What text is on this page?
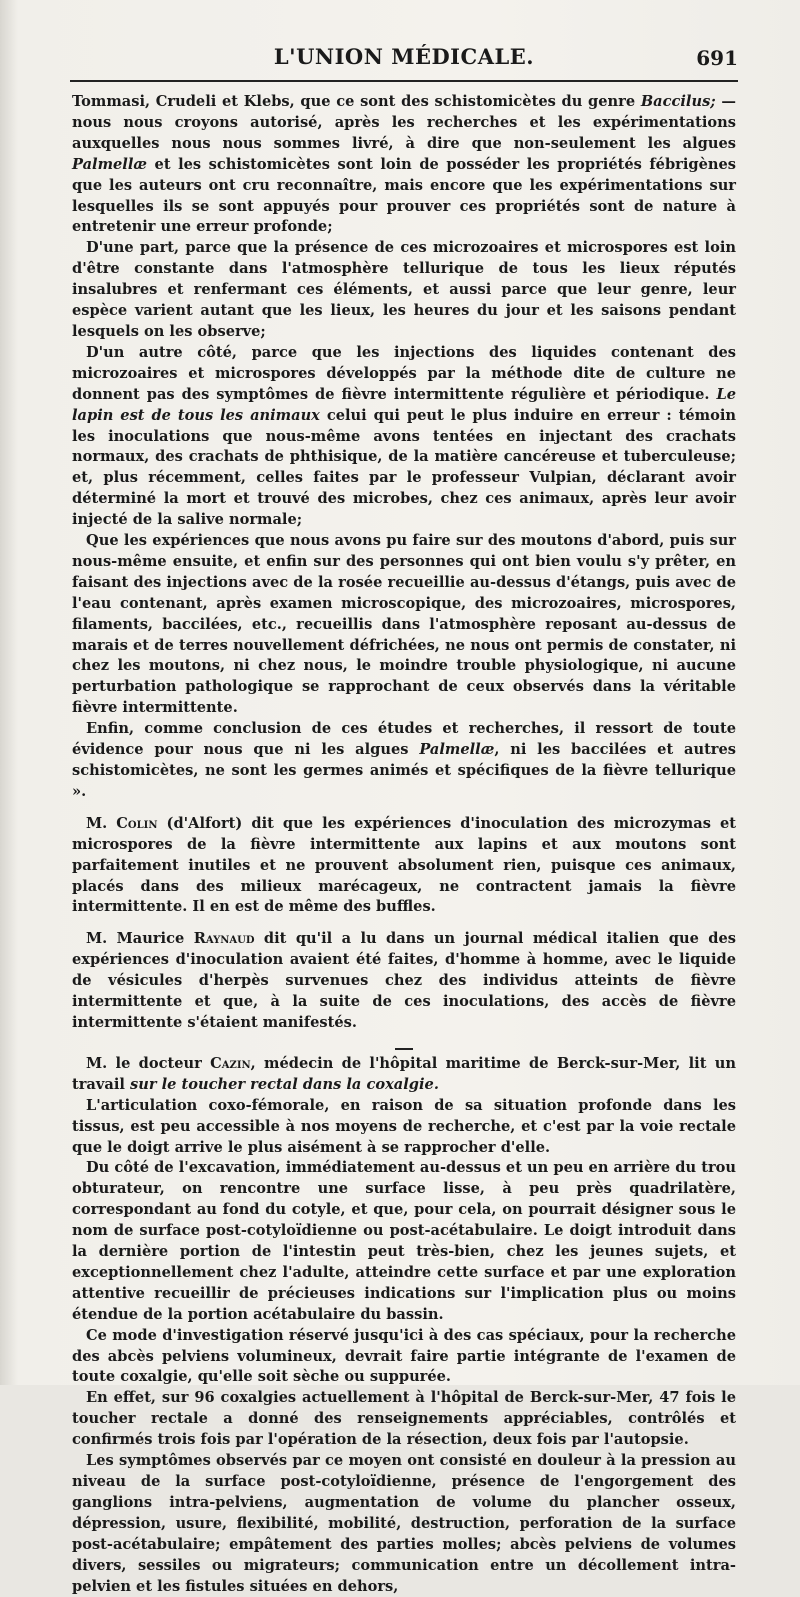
L'UNION MÉDICALE.	691

Tommasi, Crudeli et Klebs, que ce sont des schistomicètes du genre Baccilus; — nous nous croyons autorisé, après les recherches et les expérimentations auxquelles nous nous sommes livré, à dire que non-seulement les algues Palmellæ et les schistomicètes sont loin de posséder les propriétés fébrigènes que les auteurs ont cru reconnaître, mais encore que les expérimentations sur lesquelles ils se sont appuyés pour prouver ces propriétés sont de nature à entretenir une erreur profonde;

D'une part, parce que la présence de ces microzoaires et microspores est loin d'être constante dans l'atmosphère tellurique de tous les lieux réputés insalubres et renfermant ces éléments, et aussi parce que leur genre, leur espèce varient autant que les lieux, les heures du jour et les saisons pendant lesquels on les observe;

D'un autre côté, parce que les injections des liquides contenant des microzoaires et microspores développés par la méthode dite de culture ne donnent pas des symptômes de fièvre intermittente régulière et périodique. Le lapin est de tous les animaux celui qui peut le plus induire en erreur : témoin les inoculations que nous-même avons tentées en injectant des crachats normaux, des crachats de phthisique, de la matière cancéreuse et tuberculeuse; et, plus récemment, celles faites par le professeur Vulpian, déclarant avoir déterminé la mort et trouvé des microbes, chez ces animaux, après leur avoir injecté de la salive normale;

Que les expériences que nous avons pu faire sur des moutons d'abord, puis sur nous-même ensuite, et enfin sur des personnes qui ont bien voulu s'y prêter, en faisant des injections avec de la rosée recueillie au-dessus d'étangs, puis avec de l'eau contenant, après examen microscopique, des microzoaires, microspores, filaments, baccilées, etc., recueillis dans l'atmosphère reposant au-dessus de marais et de terres nouvellement défrichées, ne nous ont permis de constater, ni chez les moutons, ni chez nous, le moindre trouble physiologique, ni aucune perturbation pathologique se rapprochant de ceux observés dans la véritable fièvre intermittente.

Enfin, comme conclusion de ces études et recherches, il ressort de toute évidence pour nous que ni les algues Palmellæ, ni les baccilées et autres schistomicètes, ne sont les germes animés et spécifiques de la fièvre tellurique ».

M. Colin (d'Alfort) dit que les expériences d'inoculation des microzymas et microspores de la fièvre intermittente aux lapins et aux moutons sont parfaitement inutiles et ne prouvent absolument rien, puisque ces animaux, placés dans des milieux marécageux, ne contractent jamais la fièvre intermittente. Il en est de même des buffles.

M. Maurice Raynaud dit qu'il a lu dans un journal médical italien que des expériences d'inoculation avaient été faites, d'homme à homme, avec le liquide de vésicules d'herpès survenues chez des individus atteints de fièvre intermittente et que, à la suite de ces inoculations, des accès de fièvre intermittente s'étaient manifestés.

M. le docteur Cazin, médecin de l'hôpital maritime de Berck-sur-Mer, lit un travail sur le toucher rectal dans la coxalgie.

L'articulation coxo-fémorale, en raison de sa situation profonde dans les tissus, est peu accessible à nos moyens de recherche, et c'est par la voie rectale que le doigt arrive le plus aisément à se rapprocher d'elle.

Du côté de l'excavation, immédiatement au-dessus et un peu en arrière du trou obturateur, on rencontre une surface lisse, à peu près quadrilatère, correspondant au fond du cotyle, et que, pour cela, on pourrait désigner sous le nom de surface post-cotyloïdienne ou post-acétabulaire. Le doigt introduit dans la dernière portion de l'intestin peut très-bien, chez les jeunes sujets, et exceptionnellement chez l'adulte, atteindre cette surface et par une exploration attentive recueillir de précieuses indications sur l'implication plus ou moins étendue de la portion acétabulaire du bassin.

Ce mode d'investigation réservé jusqu'ici à des cas spéciaux, pour la recherche des abcès pelviens volumineux, devrait faire partie intégrante de l'examen de toute coxalgie, qu'elle soit sèche ou suppurée.

En effet, sur 96 coxalgies actuellement à l'hôpital de Berck-sur-Mer, 47 fois le toucher rectale a donné des renseignements appréciables, contrôlés et confirmés trois fois par l'opération de la résection, deux fois par l'autopsie.

Les symptômes observés par ce moyen ont consisté en douleur à la pression au niveau de la surface post-cotyloïdienne, présence de l'engorgement des ganglions intra-pelviens, augmentation de volume du plancher osseux, dépression, usure, flexibilité, mobilité, destruction, perforation de la surface post-acétabulaire; empâtement des parties molles; abcès pelviens de volumes divers, sessiles ou migrateurs; communication entre un décollement intra-pelvien et les fistules situées en dehors,
